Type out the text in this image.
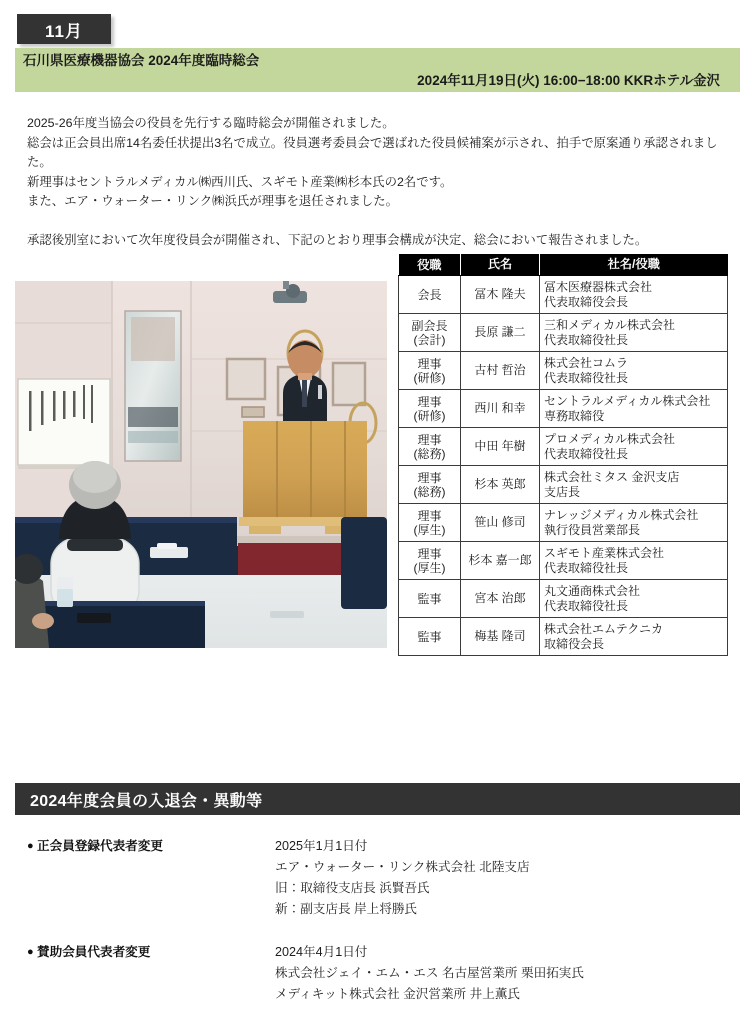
11月
石川県医療機器協会 2024年度臨時総会
2024年11月19日(火) 16:00−18:00 KKRホテル金沢

2025-26年度当協会の役員を先行する臨時総会が開催されました。

総会は正会員出席14名委任状提出3名で成立。役員選考委員会で選ばれた役員候補案が示され、拍手で原案通り承認されました。

新理事はセントラルメディカル㈱西川氏、スギモト産業㈱杉本氏の2名です。

また、エア・ウォーター・リンク㈱浜氏が理事を退任されました。

承認後別室において次年度役員会が開催され、下記のとおり理事会構成が決定、総会において報告されました。

役職	氏名	社名/役職

会長	冨木 隆夫	冨木医療器株式会社
代表取締役会長

副会長
(会計)	長原 謙二	三和メディカル株式会社
代表取締役社長

理事
(研修)	古村 哲治	株式会社コムラ
代表取締役社長

理事
(研修)	西川 和幸	セントラルメディカル株式会社
専務取締役

理事
(総務)	中田 年樹	プロメディカル株式会社
代表取締役社長

理事
(総務)	杉本 英郎	株式会社ミタス 金沢支店
支店長

理事
(厚生)	笹山 修司	ナレッジメディカル株式会社
執行役員営業部長

理事
(厚生)	杉本 嘉一郎	スギモト産業株式会社
代表取締役社長

監事	宮本 治郎	丸文通商株式会社
代表取締役社長

監事	梅基 隆司	株式会社エムテクニカ
取締役会長
2024年度会員の入退会・異動等
● 正会員登録代表者変更	2025年1月1日付
エア・ウォーター・リンク株式会社 北陸支店
旧：取締役支店長 浜賢吾氏
新：副支店長 岸上将勝氏
● 賛助会員代表者変更	2024年4月1日付
株式会社ジェイ・エム・エス 名古屋営業所 栗田拓実氏
メディキット株式会社 金沢営業所 井上薫氏
